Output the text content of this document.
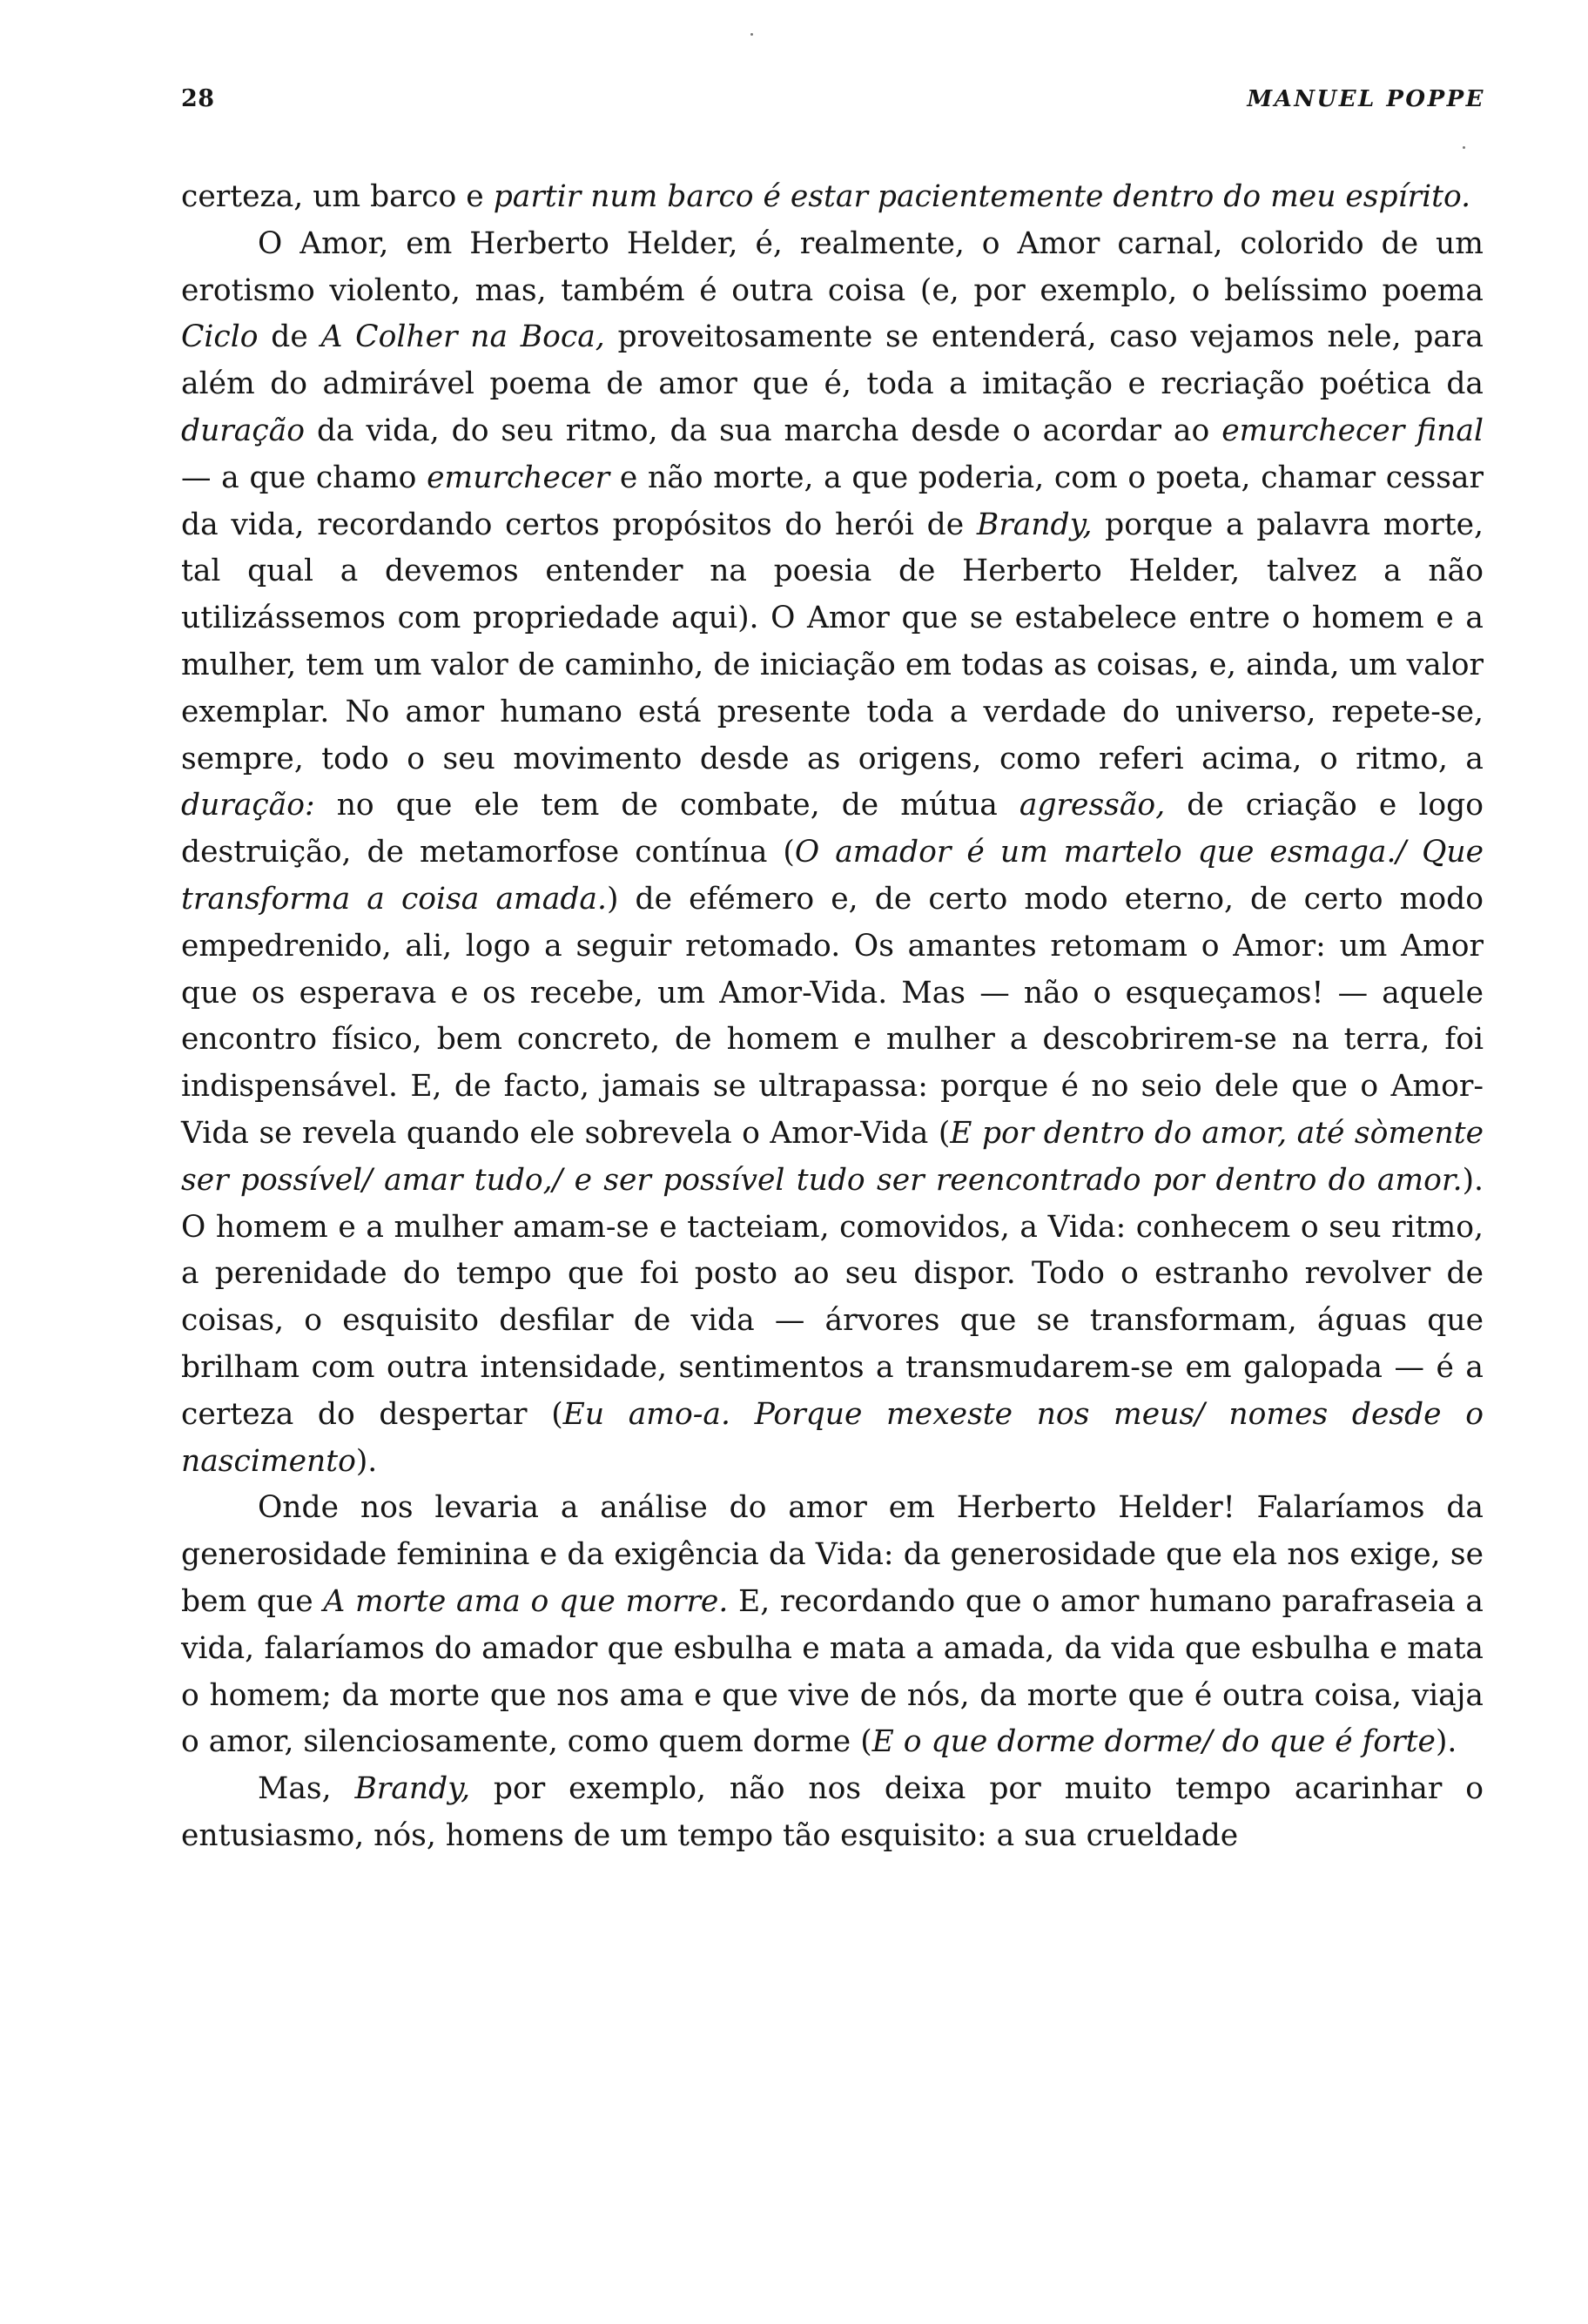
28	MANUEL POPPE

certeza, um barco e partir num barco é estar pacientemente dentro do meu espírito.

O Amor, em Herberto Helder, é, realmente, o Amor carnal, colorido de um erotismo violento, mas, também é outra coisa (e, por exemplo, o belíssimo poema Ciclo de A Colher na Boca, proveitosamente se entenderá, caso vejamos nele, para além do admirável poema de amor que é, toda a imitação e recriação poética da duração da vida, do seu ritmo, da sua marcha desde o acordar ao emurchecer final — a que chamo emurchecer e não morte, a que poderia, com o poeta, chamar cessar da vida, recordando certos propósitos do herói de Brandy, porque a palavra morte, tal qual a devemos entender na poesia de Herberto Helder, talvez a não utilizássemos com propriedade aqui). O Amor que se estabelece entre o homem e a mulher, tem um valor de caminho, de iniciação em todas as coisas, e, ainda, um valor exemplar. No amor humano está presente toda a verdade do universo, repete-se, sempre, todo o seu movimento desde as origens, como referi acima, o ritmo, a duração: no que ele tem de combate, de mútua agressão, de criação e logo destruição, de metamorfose contínua (O amador é um martelo que esmaga./ Que transforma a coisa amada.) de efémero e, de certo modo eterno, de certo modo empedrenido, ali, logo a seguir retomado. Os amantes retomam o Amor: um Amor que os esperava e os recebe, um Amor-Vida. Mas — não o esqueçamos! — aquele encontro físico, bem concreto, de homem e mulher a descobrirem-se na terra, foi indispensável. E, de facto, jamais se ultrapassa: porque é no seio dele que o Amor-Vida se revela quando ele sobrevela o Amor-Vida (E por dentro do amor, até sòmente ser possível/ amar tudo,/ e ser possível tudo ser reencontrado por dentro do amor.). O homem e a mulher amam-se e tacteiam, comovidos, a Vida: conhecem o seu ritmo, a perenidade do tempo que foi posto ao seu dispor. Todo o estranho revolver de coisas, o esquisito desfilar de vida — árvores que se transformam, águas que brilham com outra intensidade, sentimentos a transmudarem-se em galopada — é a certeza do despertar (Eu amo-a. Porque mexeste nos meus/ nomes desde o nascimento).

Onde nos levaria a análise do amor em Herberto Helder! Falaríamos da generosidade feminina e da exigência da Vida: da generosidade que ela nos exige, se bem que A morte ama o que morre. E, recordando que o amor humano parafraseia a vida, falaríamos do amador que esbulha e mata a amada, da vida que esbulha e mata o homem; da morte que nos ama e que vive de nós, da morte que é outra coisa, viaja o amor, silenciosamente, como quem dorme (E o que dorme dorme/ do que é forte).

Mas, Brandy, por exemplo, não nos deixa por muito tempo acarinhar o entusiasmo, nós, homens de um tempo tão esquisito: a sua crueldade
